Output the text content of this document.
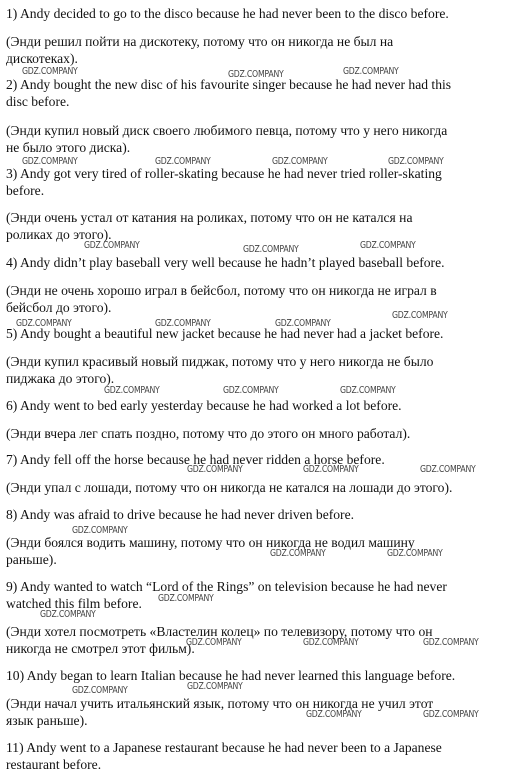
1) Andy decided to go to the disco because he had never been to the disco before.
(Энди решил пойти на дискотеку, потому что он никогда не был на
дискотеках).
2) Andy bought the new disc of his favourite singer because he had never had this
disc before.
(Энди купил новый диск своего любимого певца, потому что у него никогда
не было этого диска).
3) Andy got very tired of roller-skating because he had never tried roller-skating
before.
(Энди очень устал от катания на роликах, потому что он не катался на
роликах до этого).
4) Andy didn’t play baseball very well because he hadn’t played baseball before.
(Энди не очень хорошо играл в бейсбол, потому что он никогда не играл в
бейсбол до этого).
5) Andy bought a beautiful new jacket because he had never had a jacket before.
(Энди купил красивый новый пиджак, потому что у него никогда не было
пиджака до этого).
6) Andy went to bed early yesterday because he had worked a lot before.
(Энди вчера лег спать поздно, потому что до этого он много работал).
7) Andy fell off the horse because he had never ridden a horse before.
(Энди упал с лошади, потому что он никогда не катался на лошади до этого).
8) Andy was afraid to drive because he had never driven before.
(Энди боялся водить машину, потому что он никогда не водил машину
раньше).
9) Andy wanted to watch “Lord of the Rings” on television because he had never
watched this film before.
(Энди хотел посмотреть «Властелин колец» по телевизору, потому что он
никогда не смотрел этот фильм).
10) Andy began to learn Italian because he had never learned this language before.
(Энди начал учить итальянский язык, потому что он никогда не учил этот
язык раньше).
11) Andy went to a Japanese restaurant because he had never been to a Japanese
restaurant before.
GDZ.COMPANY	GDZ.COMPANY	GDZ.COMPANY
GDZ.COMPANY	GDZ.COMPANY	GDZ.COMPANY	GDZ.COMPANY
GDZ.COMPANY	GDZ.COMPANY	GDZ.COMPANY
GDZ.COMPANY	GDZ.COMPANY	GDZ.COMPANY
GDZ.COMPANY
GDZ.COMPANY	GDZ.COMPANY	GDZ.COMPANY
GDZ.COMPANY	GDZ.COMPANY	GDZ.COMPANY
GDZ.COMPANY
GDZ.COMPANY	GDZ.COMPANY
GDZ.COMPANY
GDZ.COMPANY
GDZ.COMPANY	GDZ.COMPANY	GDZ.COMPANY
GDZ.COMPANY	GDZ.COMPANY
GDZ.COMPANY	GDZ.COMPANY
